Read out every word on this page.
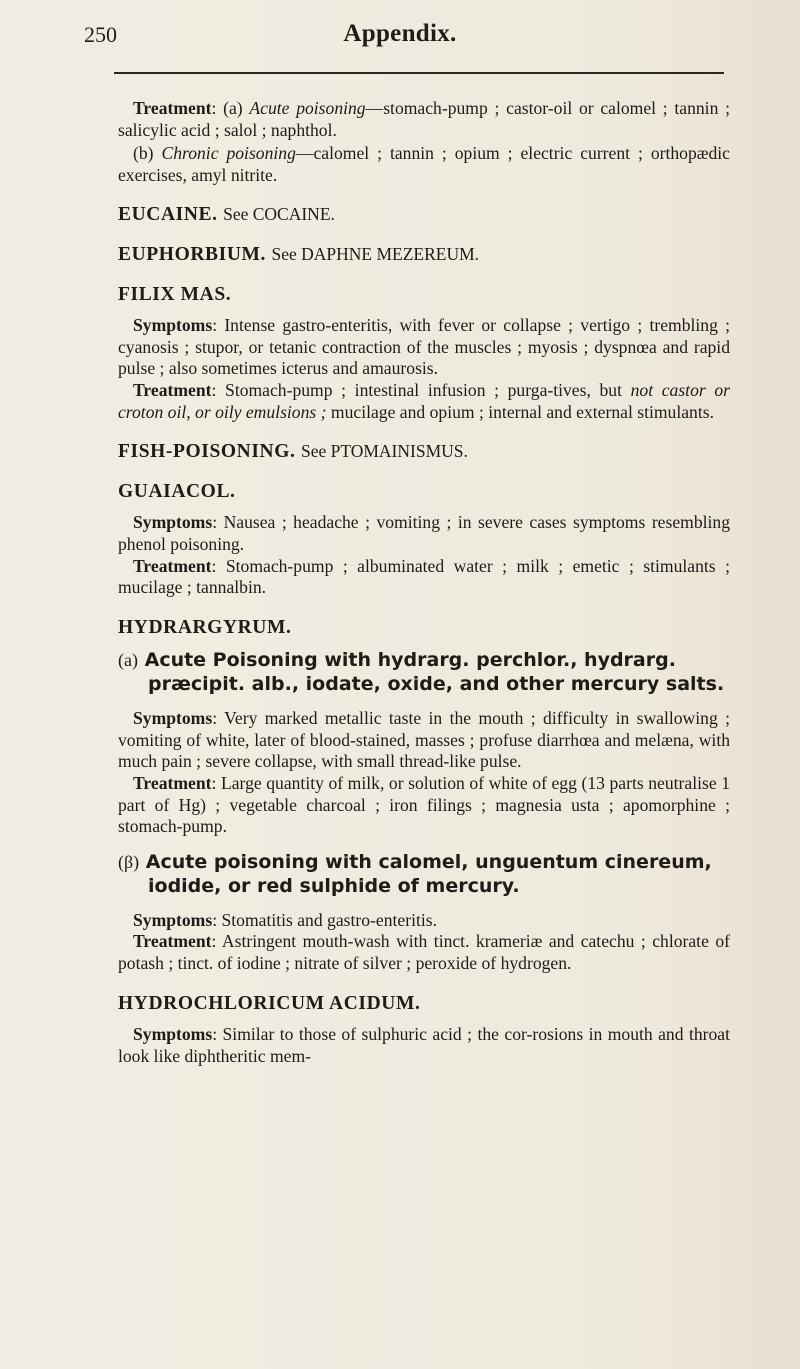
250	Appendix.

Treatment: (a) Acute poisoning—stomach-pump ; castor-oil or calomel ; tannin ; salicylic acid ; salol ; naphthol.

(b) Chronic poisoning—calomel ; tannin ; opium ; electric current ; orthopædic exercises, amyl nitrite.

EUCAINE. See COCAINE.
EUPHORBIUM. See DAPHNE MEZEREUM.
FILIX MAS.

Symptoms: Intense gastro-enteritis, with fever or collapse ; vertigo ; trembling ; cyanosis ; stupor, or tetanic contraction of the muscles ; myosis ; dyspnœa and rapid pulse ; also sometimes icterus and amaurosis.

Treatment: Stomach-pump ; intestinal infusion ; purga-tives, but not castor or croton oil, or oily emulsions ; mucilage and opium ; internal and external stimulants.

FISH-POISONING. See PTOMAINISMUS.
GUAIACOL.

Symptoms: Nausea ; headache ; vomiting ; in severe cases symptoms resembling phenol poisoning.

Treatment: Stomach-pump ; albuminated water ; milk ; emetic ; stimulants ; mucilage ; tannalbin.

HYDRARGYRUM.
(a) Acute Poisoning with hydrarg. perchlor., hydrarg. præcipit. alb., iodate, oxide, and other mercury salts.

Symptoms: Very marked metallic taste in the mouth ; difficulty in swallowing ; vomiting of white, later of blood-stained, masses ; profuse diarrhœa and melæna, with much pain ; severe collapse, with small thread-like pulse.

Treatment: Large quantity of milk, or solution of white of egg (13 parts neutralise 1 part of Hg) ; vegetable charcoal ; iron filings ; magnesia usta ; apomorphine ; stomach-pump.

(β) Acute poisoning with calomel, unguentum cinereum, iodide, or red sulphide of mercury.

Symptoms: Stomatitis and gastro-enteritis.

Treatment: Astringent mouth-wash with tinct. krameriæ and catechu ; chlorate of potash ; tinct. of iodine ; nitrate of silver ; peroxide of hydrogen.

HYDROCHLORICUM ACIDUM.

Symptoms: Similar to those of sulphuric acid ; the cor-rosions in mouth and throat look like diphtheritic mem-
